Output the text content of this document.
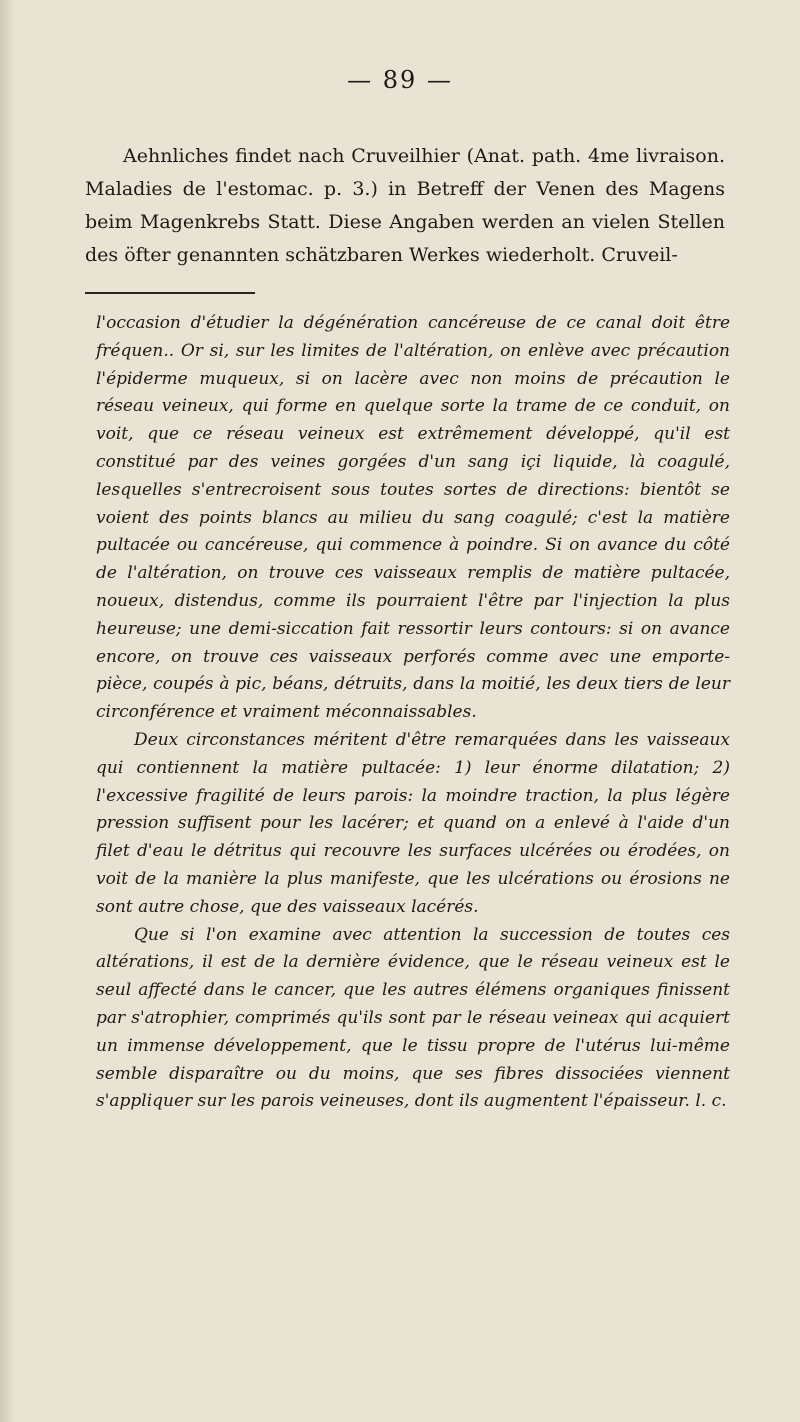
— 89 —

Aehnliches findet nach Cruveilhier (Anat. path. 4me livraison. Maladies de l'estomac. p. 3.) in Betreff der Venen des Magens beim Magenkrebs Statt. Diese Angaben werden an vielen Stellen des öfter genannten schätzbaren Werkes wiederholt. Cruveil-

l'occasion d'étudier la dégénération cancéreuse de ce canal doit être fréquen.. Or si, sur les limites de l'altération, on enlève avec précaution l'épiderme muqueux, si on lacère avec non moins de précaution le réseau veineux, qui forme en quelque sorte la trame de ce conduit, on voit, que ce réseau veineux est extrêmement développé, qu'il est constitué par des veines gorgées d'un sang içi liquide, là coagulé, lesquelles s'entrecroisent sous toutes sortes de directions: bientôt se voient des points blancs au milieu du sang coagulé; c'est la matière pultacée ou cancéreuse, qui commence à poindre. Si on avance du côté de l'altération, on trouve ces vaisseaux remplis de matière pultacée, noueux, distendus, comme ils pourraient l'être par l'injection la plus heureuse; une demi-siccation fait ressortir leurs contours: si on avance encore, on trouve ces vaisseaux perforés comme avec une emporte-pièce, coupés à pic, béans, détruits, dans la moitié, les deux tiers de leur circonférence et vraiment méconnaissables.

Deux circonstances méritent d'être remarquées dans les vaisseaux qui contiennent la matière pultacée: 1) leur énorme dilatation; 2) l'excessive fragilité de leurs parois: la moindre traction, la plus légère pression suffisent pour les lacérer; et quand on a enlevé à l'aide d'un filet d'eau le détritus qui recouvre les surfaces ulcérées ou érodées, on voit de la manière la plus manifeste, que les ulcérations ou érosions ne sont autre chose, que des vaisseaux lacérés.

Que si l'on examine avec attention la succession de toutes ces altérations, il est de la dernière évidence, que le réseau veineux est le seul affecté dans le cancer, que les autres élémens organiques finissent par s'atrophier, comprimés qu'ils sont par le réseau veineax qui acquiert un immense développement, que le tissu propre de l'utérus lui-même semble disparaître ou du moins, que ses fibres dissociées viennent s'appliquer sur les parois veineuses, dont ils augmentent l'épaisseur. l. c.
